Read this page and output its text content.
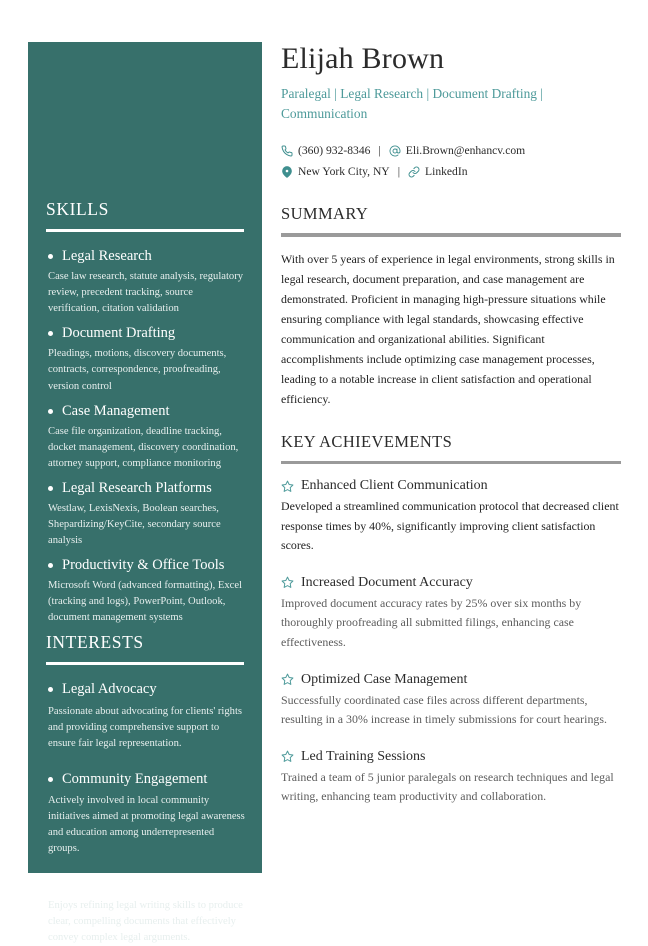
SKILLS
Legal Research
Case law research, statute analysis, regulatory review, precedent tracking, source verification, citation validation
Document Drafting
Pleadings, motions, discovery documents, contracts, correspondence, proofreading, version control
Case Management
Case file organization, deadline tracking, docket management, discovery coordination, attorney support, compliance monitoring
Legal Research Platforms
Westlaw, LexisNexis, Boolean searches, Shepardizing/KeyCite, secondary source analysis
Productivity & Office Tools
Microsoft Word (advanced formatting), Excel (tracking and logs), PowerPoint, Outlook, document management systems
INTERESTS
Legal Advocacy
Passionate about advocating for clients' rights and providing comprehensive support to ensure fair legal representation.
Community Engagement
Actively involved in local community initiatives aimed at promoting legal awareness and education among underrepresented groups.
Legal Writing
Enjoys refining legal writing skills to produce clear, compelling documents that effectively convey complex legal arguments.
Elijah Brown
Paralegal | Legal Research | Document Drafting | Communication
(360) 932-8346 | Eli.Brown@enhancv.com
New York City, NY | LinkedIn
SUMMARY

With over 5 years of experience in legal environments, strong skills in legal research, document preparation, and case management are demonstrated. Proficient in managing high-pressure situations while ensuring compliance with legal standards, showcasing effective communication and organizational abilities. Significant accomplishments include optimizing case management processes, leading to a notable increase in client satisfaction and operational efficiency.

KEY ACHIEVEMENTS
Enhanced Client Communication
Developed a streamlined communication protocol that decreased client response times by 40%, significantly improving client satisfaction scores.
Increased Document Accuracy
Improved document accuracy rates by 25% over six months by thoroughly proofreading all submitted filings, enhancing case effectiveness.
Optimized Case Management
Successfully coordinated case files across different departments, resulting in a 30% increase in timely submissions for court hearings.
Led Training Sessions
Trained a team of 5 junior paralegals on research techniques and legal writing, enhancing team productivity and collaboration.
